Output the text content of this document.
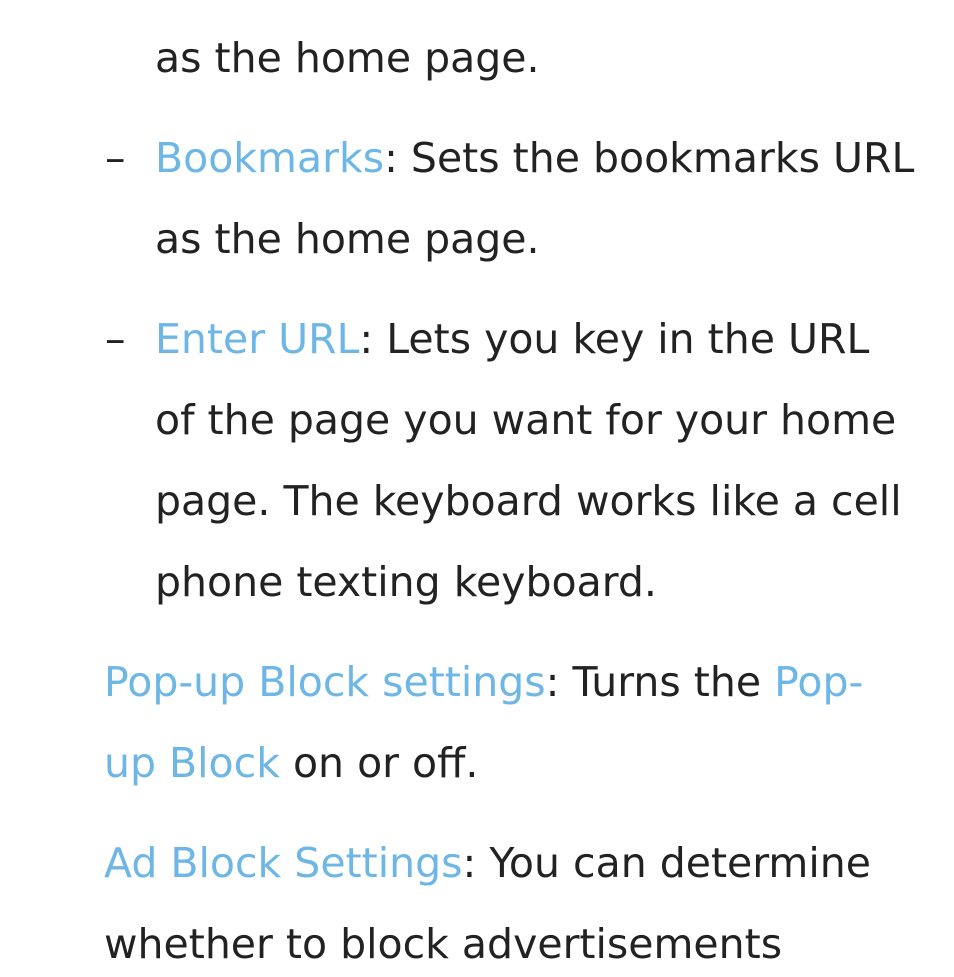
as the home page.
– Bookmarks: Sets the bookmarks URL
as the home page.
– Enter URL: Lets you key in the URL
of the page you want for your home
page. The keyboard works like a cell
phone texting keyboard.
Pop-up Block settings: Turns the Pop-
up Block on or off.
Ad Block Settings: You can determine
whether to block advertisements
